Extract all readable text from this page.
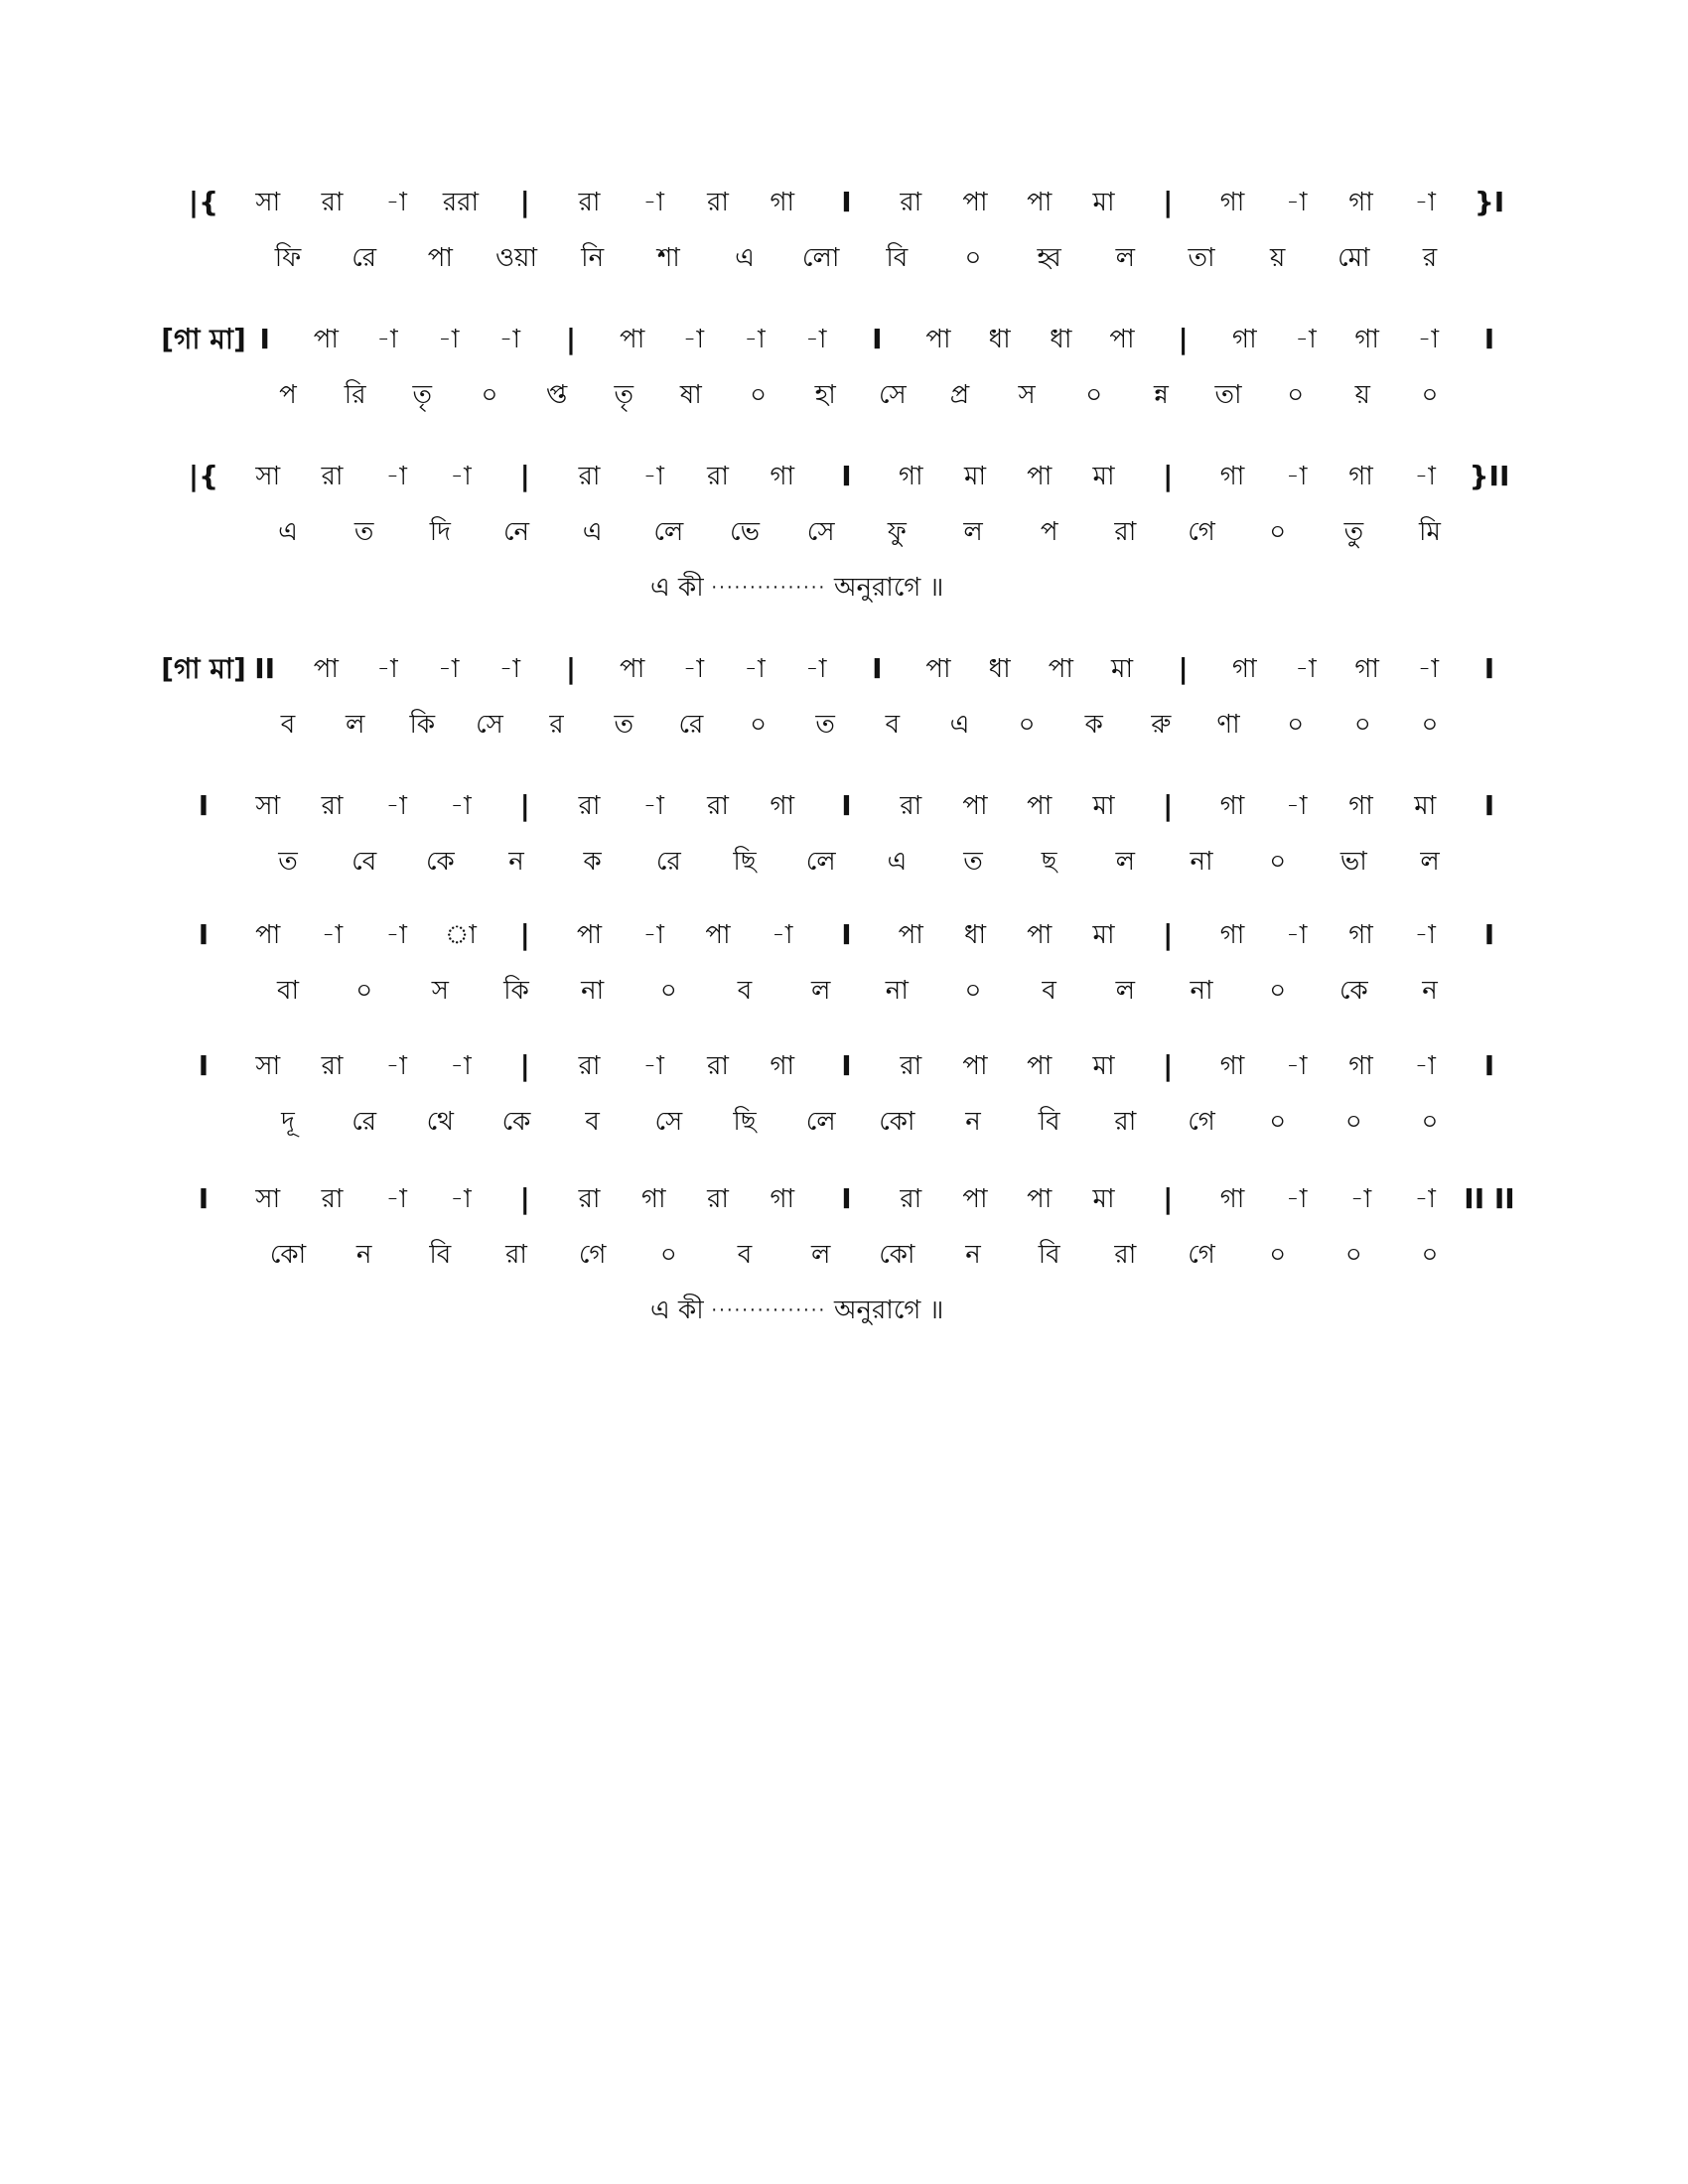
|{ সা রা -া ররা | রা -া রা গা I রা পা পা মা | গা -া গা -া }I
ফি রে পা ওয়া নি শা এ লো বি ০ হ্ব ল তা য় মো র
[গা মা] I পা -া -া -া | পা -া -া -া I পা ধা ধা পা | গা -া গা -া I
প রি তৃ ০ প্ত তৃ ষা ০ হা সে প্র স ০ ন্ন তা ০ য় ০
|{ সা রা -া -া | রা -া রা গা I গা মা পা মা | গা -া গা -া }II
এ ত দি নে এ লে ভে সে ফু ল প রা গে ০ তু মি
এ কী ··············· অনুরাগে ॥
[গা মা] II পা -া -া -া | পা -া -া -া I পা ধা পা মা | গা -া গা -া I
ব ল কি সে র ত রে ০ ত ব এ ০ ক রু ণা ০ ০ ০
I সা রা -া -া | রা -া রা গা I রা পা পা মা | গা -া গা মা I
ত বে কে ন ক রে ছি লে এ ত ছ ল না ০ ভা ল
I পা -া -া া | পা -া পা -া I পা ধা পা মা | গা -া গা -া I
বা ০ স কি না ০ ব ল না ০ ব ল না ০ কে ন
I সা রা -া -া | রা -া রা গা I রা পা পা মা | গা -া গা -া I
দূ রে থে কে ব সে ছি লে কো ন বি রা গে ০ ০ ০
I সা রা -া -া | রা গা রা গা I রা পা পা মা | গা -া -া -া II II
কো ন বি রা গে ০ ব ল কো ন বি রা গে ০ ০ ০
এ কী ··············· অনুরাগে ॥
